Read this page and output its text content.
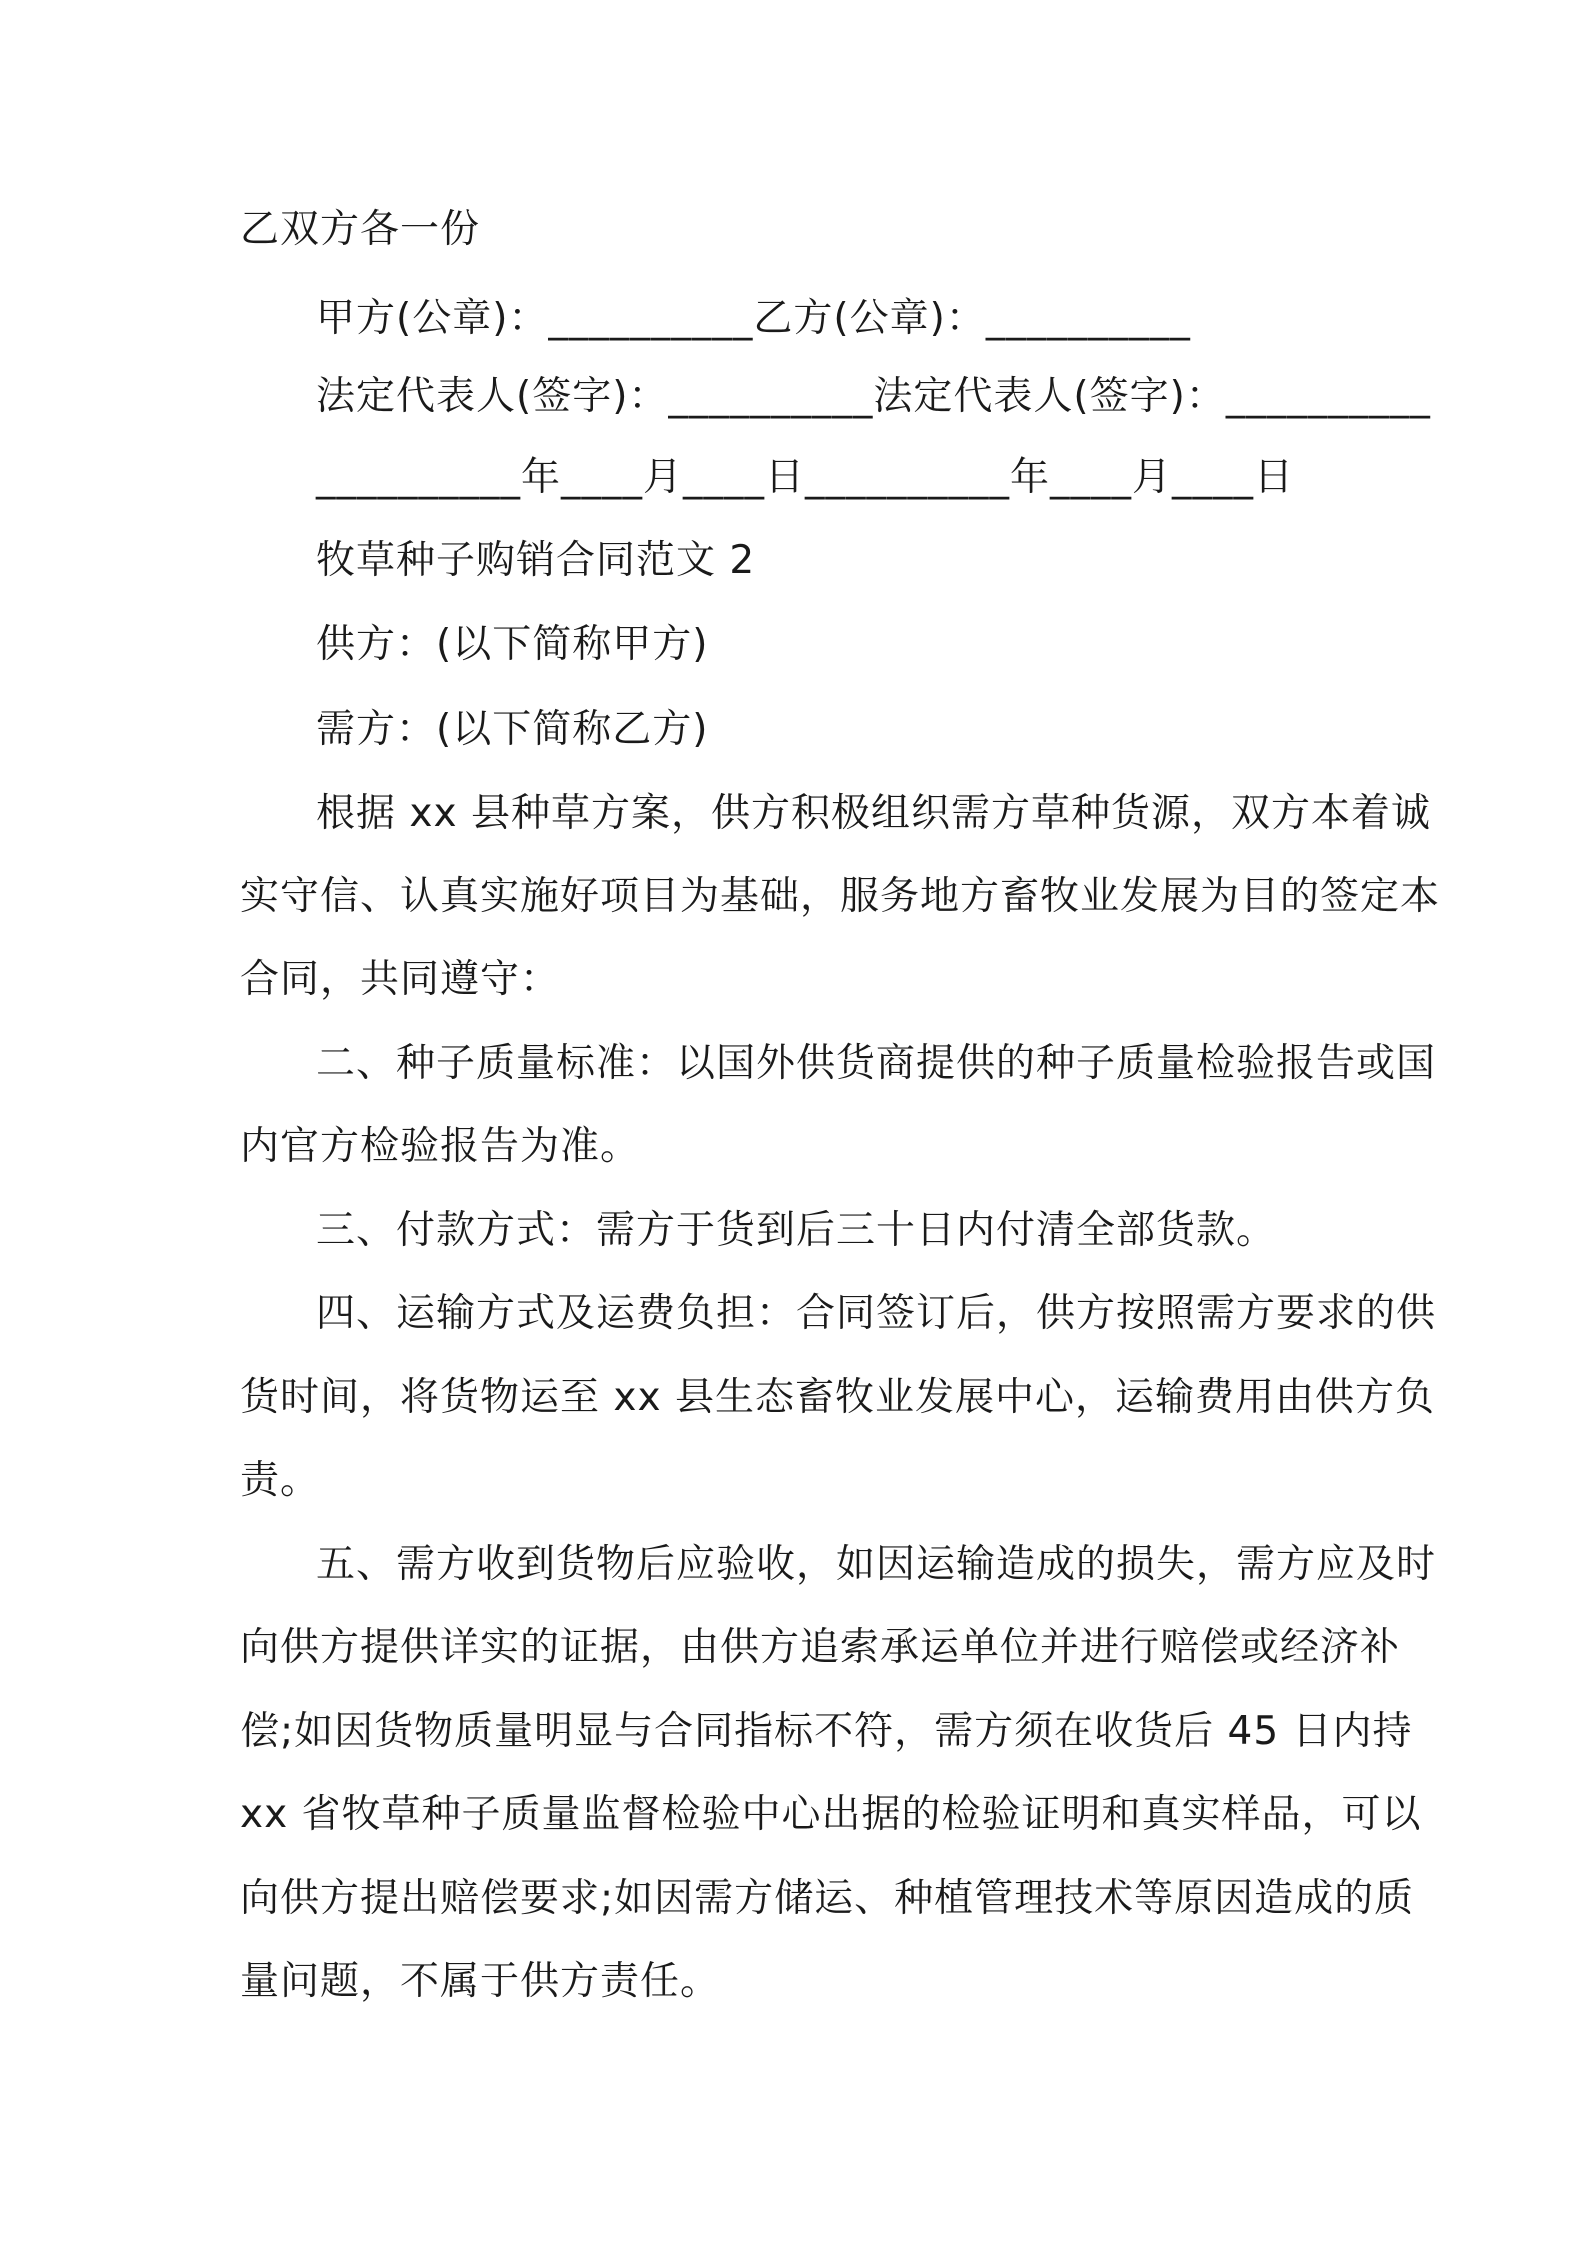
乙双方各一份
甲方(公章)：__________乙方(公章)：__________
法定代表人(签字)：__________法定代表人(签字)：__________
__________年____月____日__________年____月____日
牧草种子购销合同范文 2
供方：(以下简称甲方)
需方：(以下简称乙方)
根据 xx 县种草方案，供方积极组织需方草种货源，双方本着诚
实守信、认真实施好项目为基础，服务地方畜牧业发展为目的签定本
合同，共同遵守：
二、种子质量标准：以国外供货商提供的种子质量检验报告或国
内官方检验报告为准。
三、付款方式：需方于货到后三十日内付清全部货款。
四、运输方式及运费负担：合同签订后，供方按照需方要求的供
货时间，将货物运至 xx 县生态畜牧业发展中心，运输费用由供方负
责。
五、需方收到货物后应验收，如因运输造成的损失，需方应及时
向供方提供详实的证据，由供方追索承运单位并进行赔偿或经济补
偿;如因货物质量明显与合同指标不符，需方须在收货后 45 日内持
xx 省牧草种子质量监督检验中心出据的检验证明和真实样品，可以
向供方提出赔偿要求;如因需方储运、种植管理技术等原因造成的质
量问题，不属于供方责任。
